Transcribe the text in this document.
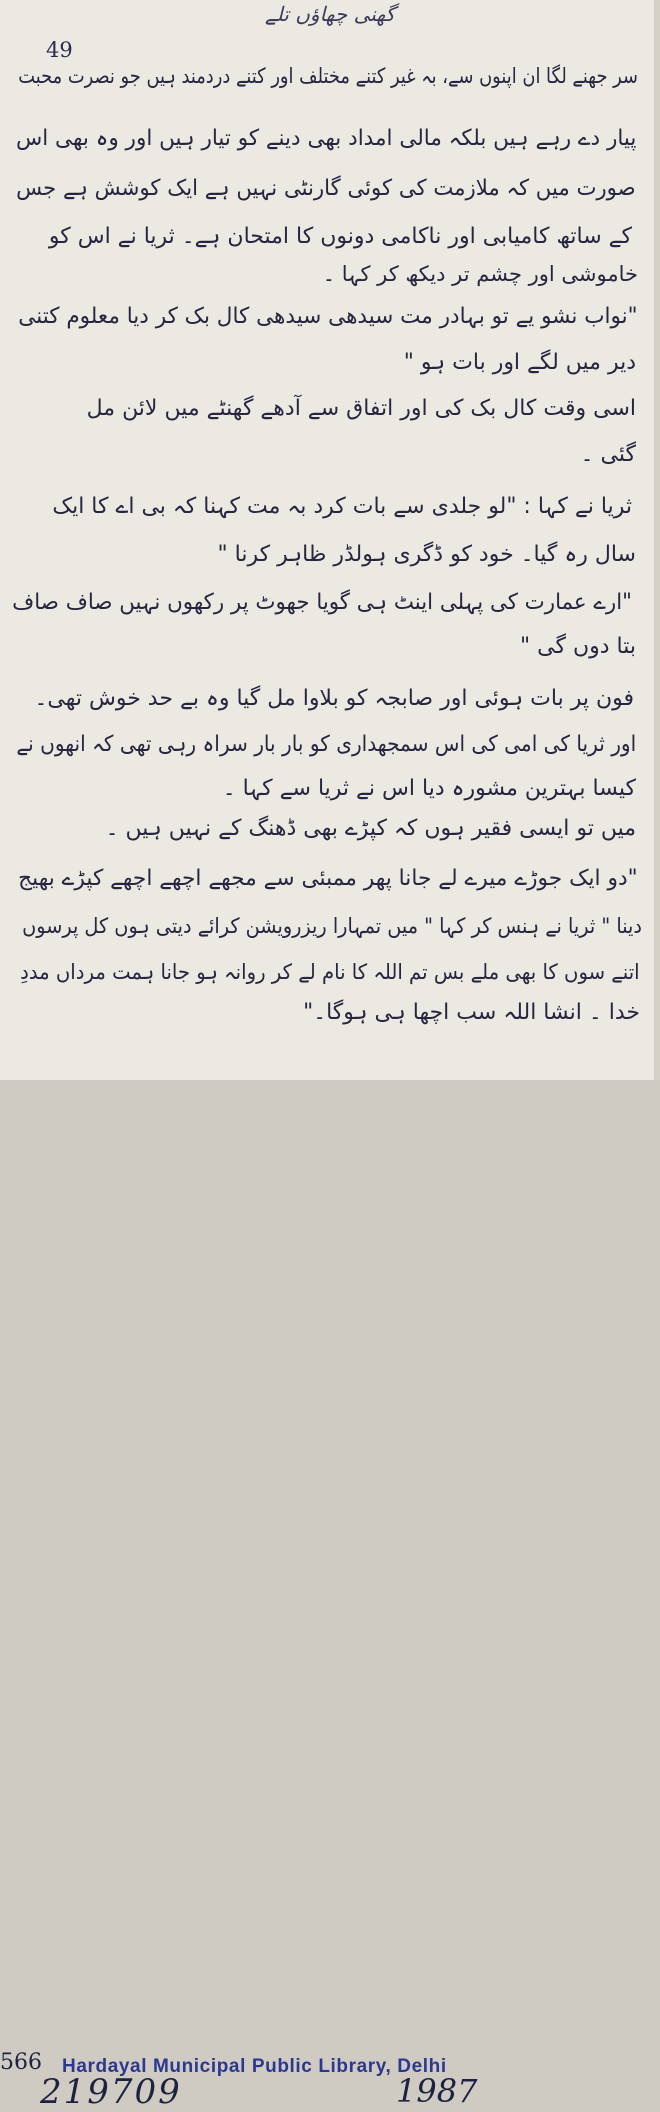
گھنی چھاؤں تلے
49
سر جھنے لگا ان اپنوں سے، بہ غیر کتنے مختلف اور کتنے دردمند ہیں جو نصرت محبت
پیار دے رہے ہیں بلکہ مالی امداد بھی دینے کو تیار ہیں اور وہ بھی اس
صورت میں کہ ملازمت کی کوئی گارنٹی نہیں ہے ایک کوشش ہے جس
کے ساتھ کامیابی اور ناکامی دونوں کا امتحان ہے۔ ثریا نے اس کو
خاموشی اور چشم تر دیکھ کر کہا ۔
"نواب نشو یے تو بہادر مت سیدھی سیدھی کال بک کر دیا معلوم کتنی
دیر میں لگے اور بات ہو "
اسی وقت کال بک کی اور اتفاق سے آدھے گھنٹے میں لائن مل
گئی ۔
ثریا نے کہا : "لو جلدی سے بات کرد بہ مت کہنا کہ بی اے کا ایک
سال رہ گیا۔ خود کو ڈگری ہولڈر ظاہر کرنا "
"ارے عمارت کی پہلی اینٹ ہی گویا جھوٹ پر رکھوں نہیں صاف صاف
بتا دوں گی "
فون پر بات ہوئی اور صابجہ کو بلاوا مل گیا وہ بے حد خوش تھی۔
اور ثریا کی امی کی اس سمجھداری کو بار بار سراہ رہی تھی کہ انھوں نے
کیسا بہترین مشورہ دیا اس نے ثریا سے کہا ۔
میں تو ایسی فقیر ہوں کہ کپڑے بھی ڈھنگ کے نہیں ہیں ۔
"دو ایک جوڑے میرے لے جانا پھر ممبئی سے مجھے اچھے اچھے کپڑے بھیج
دینا " ثریا نے ہنس کر کہا " میں تمہارا ریزرویشن کرائے دیتی ہوں کل پرسوں
اتنے سوں کا بھی ملے بس تم اللہ کا نام لے کر روانہ ہو جانا ہمت مرداں مددِ
خدا ۔ انشا اللہ سب اچھا ہی ہوگا۔"
566 Hardayal Municipal Public Library, Delhi
219709	1987
